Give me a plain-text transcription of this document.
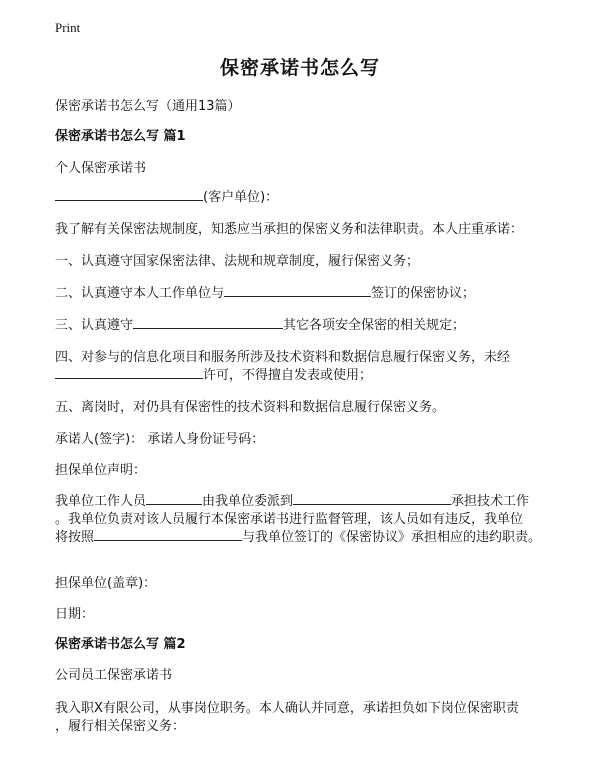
Print
保密承诺书怎么写
保密承诺书怎么写（通用13篇）
保密承诺书怎么写 篇1
个人保密承诺书
(客户单位)：
我了解有关保密法规制度，知悉应当承担的保密义务和法律职责。本人庄重承诺：
一、认真遵守国家保密法律、法规和规章制度，履行保密义务；
二、认真遵守本人工作单位与	签订的保密协议；
三、认真遵守	其它各项安全保密的相关规定；
四、对参与的信息化项目和服务所涉及技术资料和数据信息履行保密义务，未经
许可，不得擅自发表或使用；
五、离岗时，对仍具有保密性的技术资料和数据信息履行保密义务。
承诺人(签字)： 承诺人身份证号码：
担保单位声明：
我单位工作人员	由我单位委派到	承担技术工作
。我单位负责对该人员履行本保密承诺书进行监督管理，该人员如有违反，我单位
将按照	与我单位签订的《保密协议》承担相应的违约职责。
担保单位(盖章)：
日期：
保密承诺书怎么写 篇2
公司员工保密承诺书
我入职X有限公司，从事岗位职务。本人确认并同意，承诺担负如下岗位保密职责
，履行相关保密义务：
